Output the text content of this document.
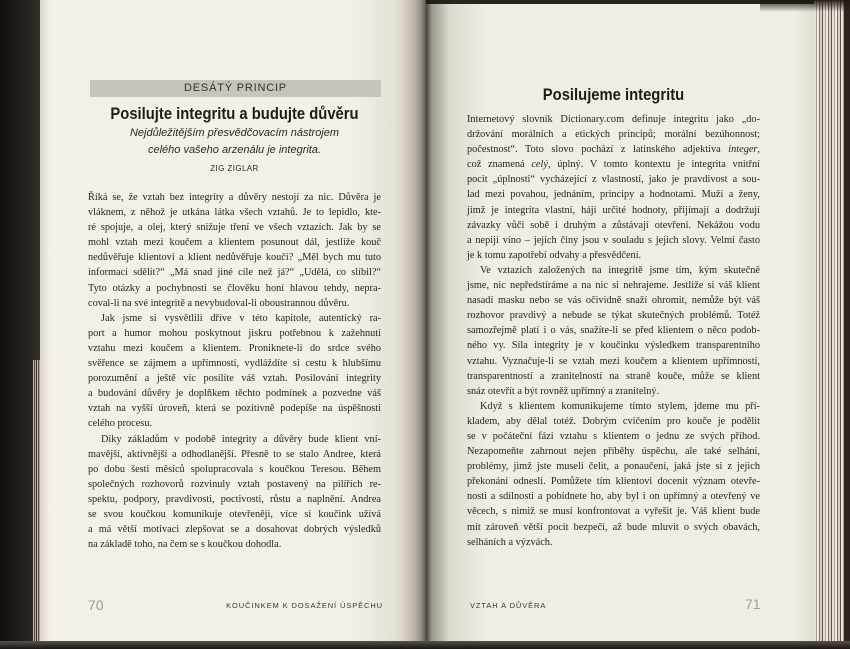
DESÁTÝ PRINCIP
Posilujte integritu a budujte důvěru
Nejdůležitějším přesvědčovacím nástrojem
celého vašeho arzenálu je integrita.
ZIG ZIGLAR
Říká se, že vztah bez integrity a důvěry nestojí za nic. Důvěra je
vláknem, z něhož je utkána látka všech vztahů. Je to lepidlo, kte-
ré spojuje, a olej, který snižuje tření ve všech vztazích. Jak by se
mohl vztah mezi koučem a klientem posunout dál, jestliže kouč
nedůvěřuje klientovi a klient nedůvěřuje kouči? „Měl bych mu tuto
informaci sdělit?“ „Má snad jiné cíle než já?“ „Udělá, co slíbil?“
Tyto otázky a pochybnosti se člověku honí hlavou tehdy, nepra-
coval-li na své integritě a nevybudoval-li oboustrannou důvěru.
Jak jsme si vysvětlili dříve v této kapitole, autentický ra-
port a humor mohou poskytnout jiskru potřebnou k zažehnutí
vztahu mezi koučem a klientem. Proniknete-li do srdce svého
svěřence se zájmem a upřímností, vydláždíte si cestu k hlubšímu
porozumění a ještě víc posílíte váš vztah. Posilování integrity
a budování důvěry je doplňkem těchto podmínek a pozvedne váš
vztah na vyšší úroveň, která se pozitivně podepíše na úspěšnosti
celého procesu.
Díky základům v podobě integrity a důvěry bude klient vní-
mavější, aktivnější a odhodlanější. Přesně to se stalo Andree, která
po dobu šesti měsíců spolupracovala s koučkou Teresou. Během
společných rozhovorů rozvinuly vztah postavený na pilířích re-
spektu, podpory, pravdivosti, poctivosti, růstu a naplnění. Andrea
se svou koučkou komunikuje otevřeněji, více si koučink užívá
a má větší motivaci zlepšovat se a dosahovat dobrých výsledků
na základě toho, na čem se s koučkou dohodla.
70	KOUČINKEM K DOSAŽENÍ ÚSPĚCHU
Posilujeme integritu
Internetový slovník Dictionary.com definuje integritu jako „do-
držování morálních a etických principů; morální bezúhonnost;
počestnost“. Toto slovo pochází z latinského adjektiva integer,
což znamená celý, úplný. V tomto kontextu je integrita vnitřní
pocit „úplnosti“ vycházející z vlastností, jako je pravdivost a sou-
lad mezi povahou, jednáním, principy a hodnotami. Muži a ženy,
jimž je integrita vlastní, hájí určité hodnoty, přijímají a dodržují
závazky vůči sobě i druhým a zůstávají otevření. Nekážou vodu
a nepijí víno – jejich činy jsou v souladu s jejich slovy. Velmi často
je k tomu zapotřebí odvahy a přesvědčení.
Ve vztazích založených na integritě jsme tím, kým skutečně
jsme, nic nepředstíráme a na nic si nehrajeme. Jestliže si váš klient
nasadí masku nebo se vás očividně snaží ohromit, nemůže být váš
rozhovor pravdivý a nebude se týkat skutečných problémů. Totéž
samozřejmě platí i o vás, snažíte-li se před klientem o něco podob-
ného vy. Síla integrity je v koučinku výsledkem transparentního
vztahu. Vyznačuje-li se vztah mezi koučem a klientem upřímností,
transparentností a zranitelností na straně kouče, může se klient
snáz otevřít a být rovněž upřímný a zranitelný.
Když s klientem komunikujeme tímto stylem, jdeme mu pří-
kladem, aby dělal totéž. Dobrým cvičením pro kouče je podělit
se v počáteční fázi vztahu s klientem o jednu ze svých příhod.
Nezapomeňte zahrnout nejen příběhy úspěchu, ale také selhání,
problémy, jimž jste museli čelit, a ponaučení, jaká jste si z jejich
překonání odnesli. Pomůžete tím klientovi docenit význam otevře-
nosti a sdílnosti a pobídnete ho, aby byl i on upřímný a otevřený ve
věcech, s nimiž se musí konfrontovat a vyřešit je. Váš klient bude
mít zároveň větší pocit bezpečí, až bude mluvit o svých obavách,
selháních a výzvách.
VZTAH A DŮVĚRA	71
